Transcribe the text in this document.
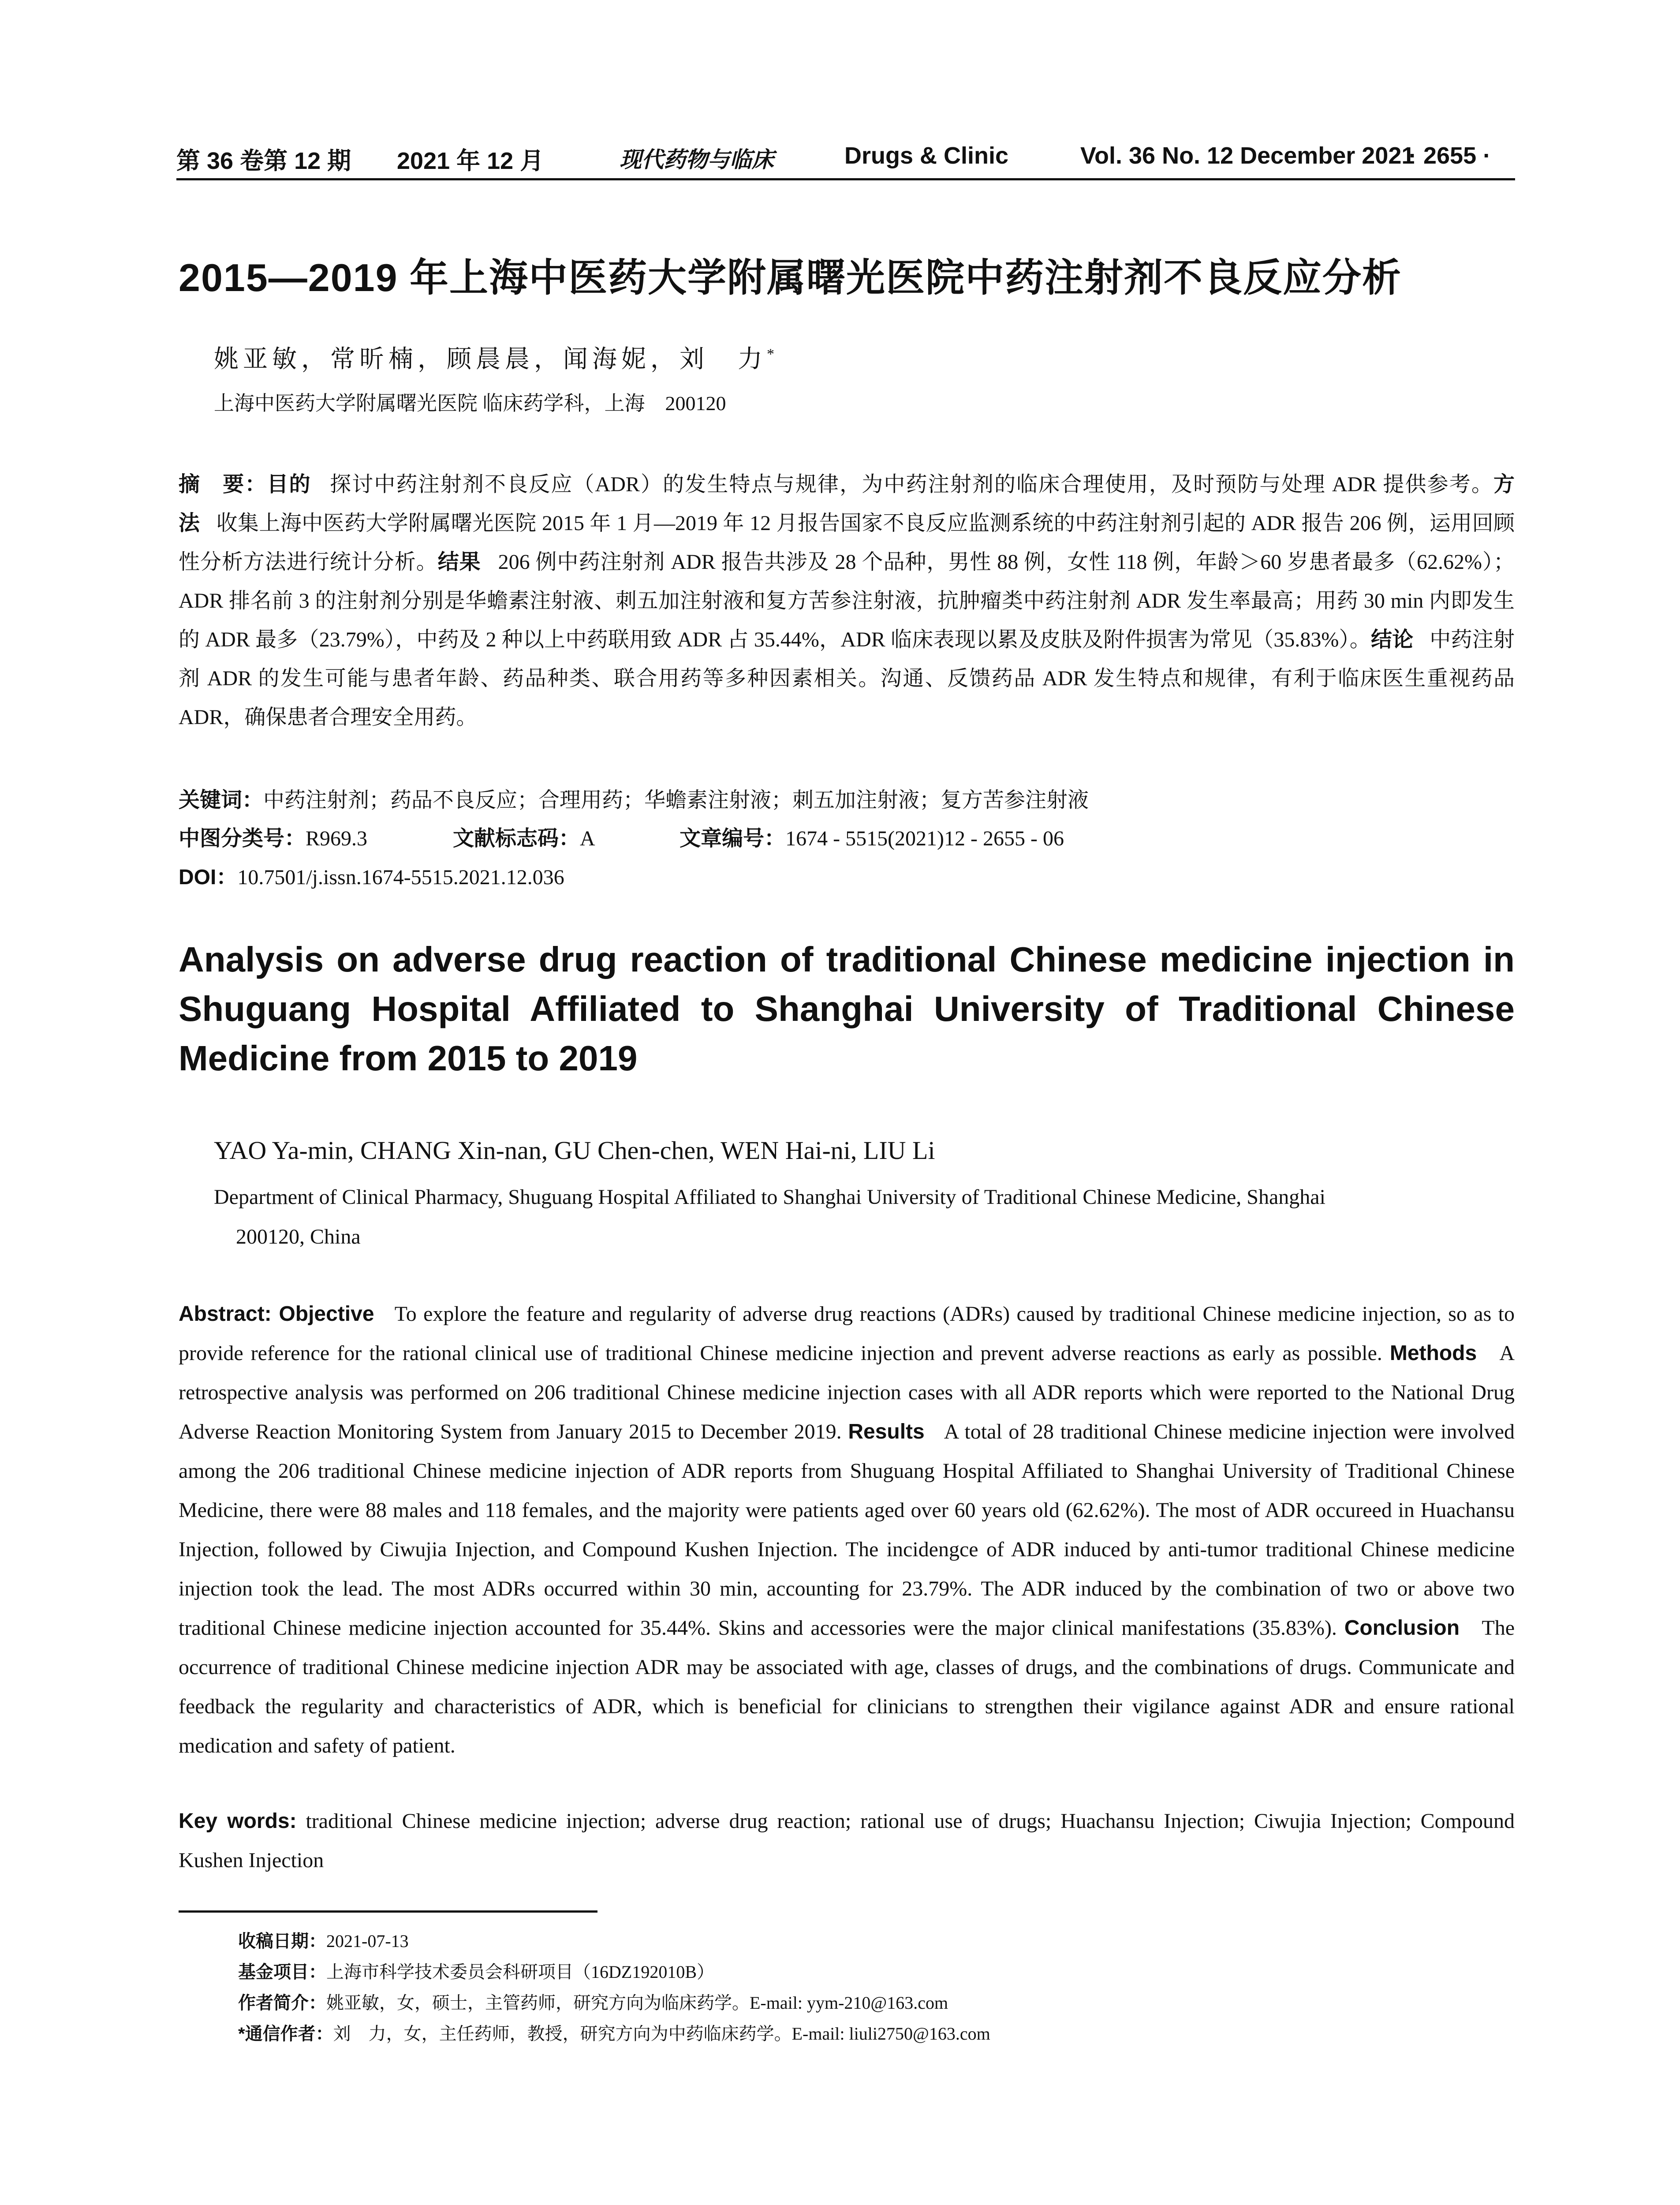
第 36 卷第 12 期 2021 年 12 月	现代药物与临床	Drugs & Clinic	Vol. 36 No. 12 December 2021
· 2655 ·
2015—2019 年上海中医药大学附属曙光医院中药注射剂不良反应分析
姚亚敏，常昕楠，顾晨晨，闻海妮，刘　力*
上海中医药大学附属曙光医院 临床药学科，上海　200120
摘　要：目的 探讨中药注射剂不良反应（ADR）的发生特点与规律，为中药注射剂的临床合理使用，及时预防与处理 ADR 提供参考。方法 收集上海中医药大学附属曙光医院 2015 年 1 月—2019 年 12 月报告国家不良反应监测系统的中药注射剂引起的 ADR 报告 206 例，运用回顾性分析方法进行统计分析。结果 206 例中药注射剂 ADR 报告共涉及 28 个品种，男性 88 例，女性 118 例，年龄＞60 岁患者最多（62.62%）；ADR 排名前 3 的注射剂分别是华蟾素注射液、刺五加注射液和复方苦参注射液，抗肿瘤类中药注射剂 ADR 发生率最高；用药 30 min 内即发生的 ADR 最多（23.79%），中药及 2 种以上中药联用致 ADR 占 35.44%，ADR 临床表现以累及皮肤及附件损害为常见（35.83%）。结论 中药注射剂 ADR 的发生可能与患者年龄、药品种类、联合用药等多种因素相关。沟通、反馈药品 ADR 发生特点和规律，有利于临床医生重视药品 ADR，确保患者合理安全用药。
关键词：中药注射剂；药品不良反应；合理用药；华蟾素注射液；刺五加注射液；复方苦参注射液
中图分类号：R969.3	文献标志码：A	文章编号：1674 - 5515(2021)12 - 2655 - 06
DOI：10.7501/j.issn.1674-5515.2021.12.036
Analysis on adverse drug reaction of traditional Chinese medicine injection in Shuguang Hospital Affiliated to Shanghai University of Traditional Chinese Medicine from 2015 to 2019
YAO Ya-min, CHANG Xin-nan, GU Chen-chen, WEN Hai-ni, LIU Li
Department of Clinical Pharmacy, Shuguang Hospital Affiliated to Shanghai University of Traditional Chinese Medicine, Shanghai
200120, China
Abstract: Objective To explore the feature and regularity of adverse drug reactions (ADRs) caused by traditional Chinese medicine injection, so as to provide reference for the rational clinical use of traditional Chinese medicine injection and prevent adverse reactions as early as possible. Methods A retrospective analysis was performed on 206 traditional Chinese medicine injection cases with all ADR reports which were reported to the National Drug Adverse Reaction Monitoring System from January 2015 to December 2019. Results A total of 28 traditional Chinese medicine injection were involved among the 206 traditional Chinese medicine injection of ADR reports from Shuguang Hospital Affiliated to Shanghai University of Traditional Chinese Medicine, there were 88 males and 118 females, and the majority were patients aged over 60 years old (62.62%). The most of ADR occureed in Huachansu Injection, followed by Ciwujia Injection, and Compound Kushen Injection. The incidengce of ADR induced by anti-tumor traditional Chinese medicine injection took the lead. The most ADRs occurred within 30 min, accounting for 23.79%. The ADR induced by the combination of two or above two traditional Chinese medicine injection accounted for 35.44%. Skins and accessories were the major clinical manifestations (35.83%). Conclusion The occurrence of traditional Chinese medicine injection ADR may be associated with age, classes of drugs, and the combinations of drugs. Communicate and feedback the regularity and characteristics of ADR, which is beneficial for clinicians to strengthen their vigilance against ADR and ensure rational medication and safety of patient.
Key words: traditional Chinese medicine injection; adverse drug reaction; rational use of drugs; Huachansu Injection; Ciwujia Injection; Compound Kushen Injection
收稿日期：2021-07-13
基金项目：上海市科学技术委员会科研项目（16DZ192010B）
作者简介：姚亚敏，女，硕士，主管药师，研究方向为临床药学。E-mail: yym-210@163.com
*通信作者：刘　力，女，主任药师，教授，研究方向为中药临床药学。E-mail: liuli2750@163.com
